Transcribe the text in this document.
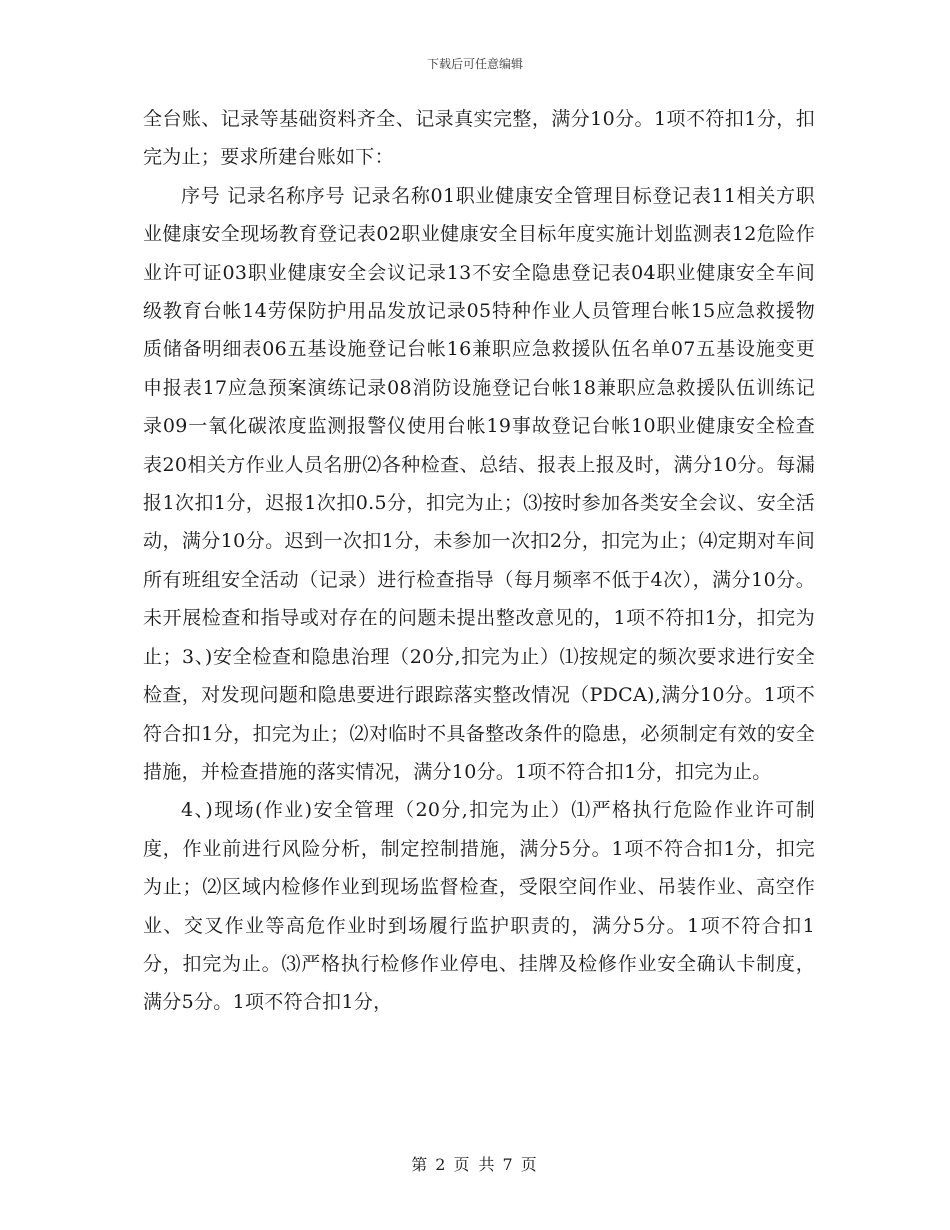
下载后可任意编辑

全台账、记录等基础资料齐全、记录真实完整，满分10分。1项不符扣1分，扣完为止；要求所建台账如下：

序号 记录名称序号 记录名称01职业健康安全管理目标登记表11相关方职业健康安全现场教育登记表02职业健康安全目标年度实施计划监测表12危险作业许可证03职业健康安全会议记录13不安全隐患登记表04职业健康安全车间级教育台帐14劳保防护用品发放记录05特种作业人员管理台帐15应急救援物质储备明细表06五基设施登记台帐16兼职应急救援队伍名单07五基设施变更申报表17应急预案演练记录08消防设施登记台帐18兼职应急救援队伍训练记录09一氧化碳浓度监测报警仪使用台帐19事故登记台帐10职业健康安全检查表20相关方作业人员名册⑵各种检查、总结、报表上报及时，满分10分。每漏报1次扣1分，迟报1次扣0.5分，扣完为止；⑶按时参加各类安全会议、安全活动，满分10分。迟到一次扣1分，未参加一次扣2分，扣完为止；⑷定期对车间所有班组安全活动（记录）进行检查指导（每月频率不低于4次），满分10分。未开展检查和指导或对存在的问题未提出整改意见的，1项不符扣1分，扣完为止；3、)安全检查和隐患治理（20分,扣完为止）⑴按规定的频次要求进行安全检查，对发现问题和隐患要进行跟踪落实整改情况（PDCA),满分10分。1项不符合扣1分，扣完为止；⑵对临时不具备整改条件的隐患，必须制定有效的安全措施，并检查措施的落实情况，满分10分。1项不符合扣1分，扣完为止。

4、)现场(作业)安全管理（20分,扣完为止）⑴严格执行危险作业许可制度，作业前进行风险分析，制定控制措施，满分5分。1项不符合扣1分，扣完为止；⑵区域内检修作业到现场监督检查，受限空间作业、吊装作业、高空作业、交叉作业等高危作业时到场履行监护职责的，满分5分。1项不符合扣1分，扣完为止。⑶严格执行检修作业停电、挂牌及检修作业安全确认卡制度，满分5分。1项不符合扣1分，

第 2 页 共 7 页
